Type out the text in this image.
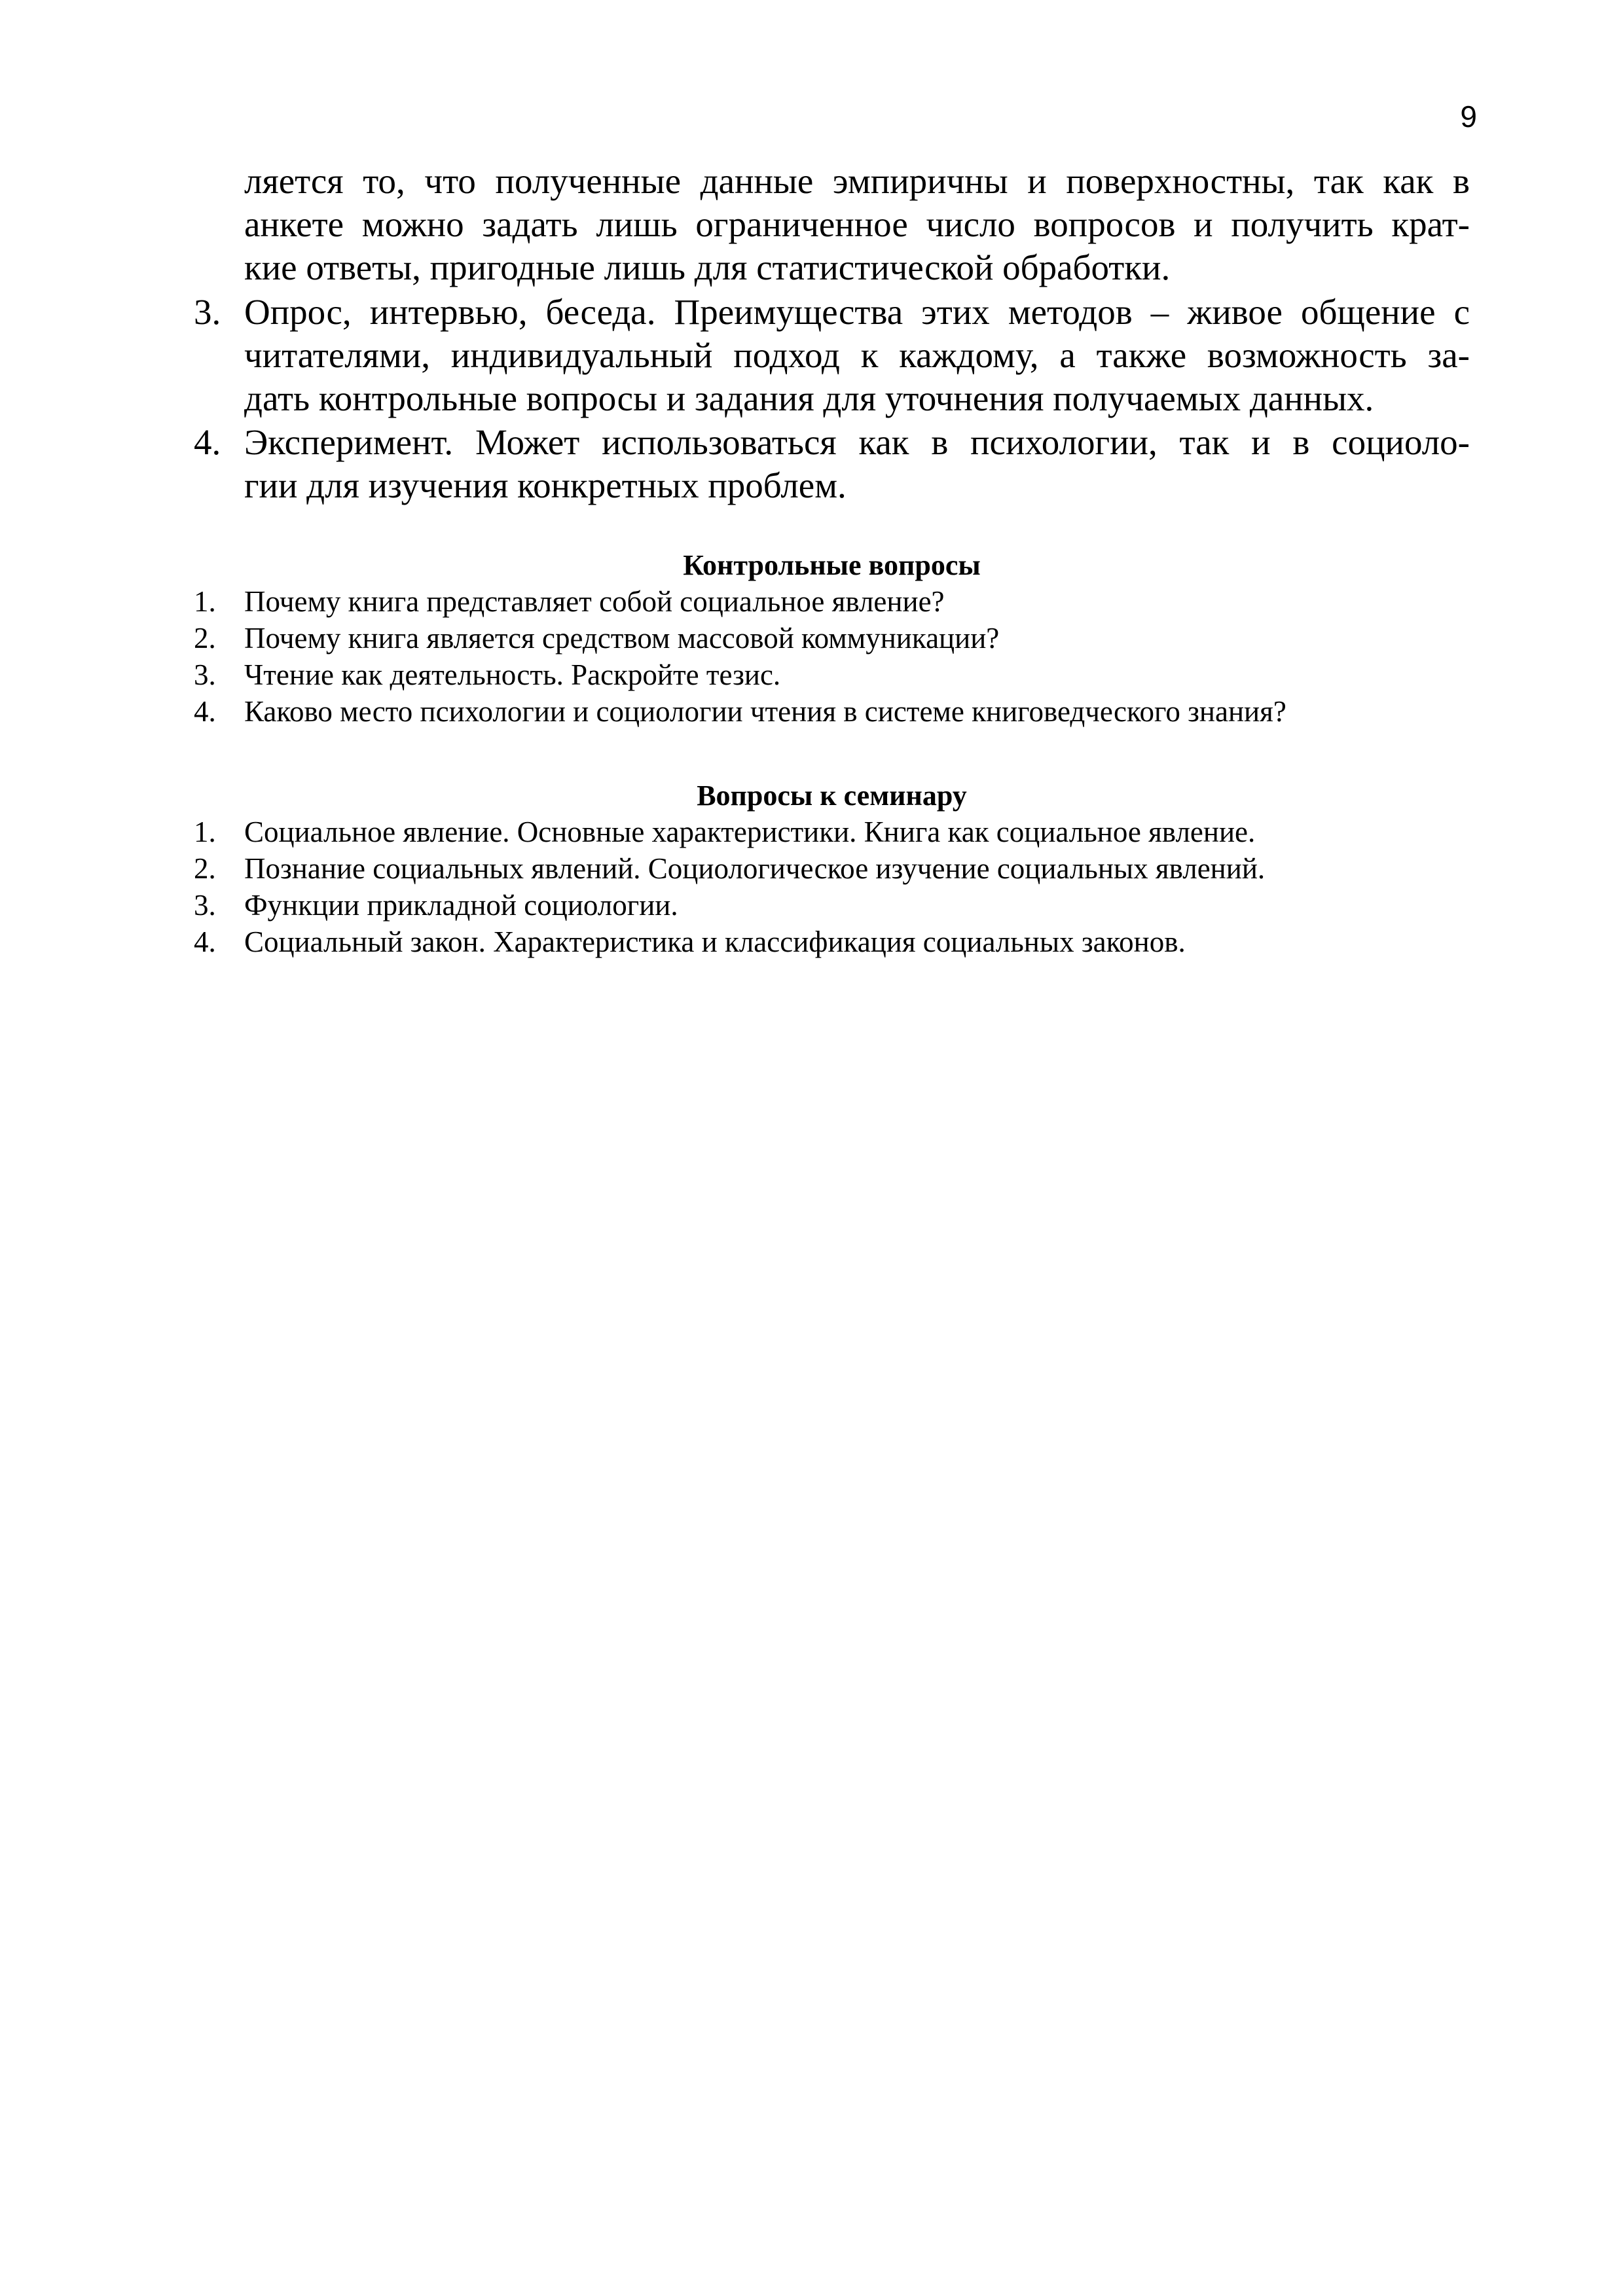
9
ляется то, что полученные данные эмпиричны и поверхностны, так как в
анкете можно задать лишь ограниченное число вопросов и получить крат-
кие ответы, пригодные лишь для статистической обработки.
3. Опрос, интервью, беседа. Преимущества этих методов – живое общение с
читателями, индивидуальный подход к каждому, а также возможность за-
дать контрольные вопросы и задания для уточнения получаемых данных.
4. Эксперимент. Может использоваться как в психологии, так и в социоло-
гии для изучения конкретных проблем.
Контрольные вопросы
1. Почему книга представляет собой социальное явление?
2. Почему книга является средством массовой коммуникации?
3. Чтение как деятельность. Раскройте тезис.
4. Каково место психологии и социологии чтения в системе книговедческого знания?
Вопросы к семинару
1. Социальное явление. Основные характеристики. Книга как социальное явление.
2. Познание социальных явлений. Социологическое изучение социальных явлений.
3. Функции прикладной социологии.
4. Социальный закон. Характеристика и классификация социальных законов.
